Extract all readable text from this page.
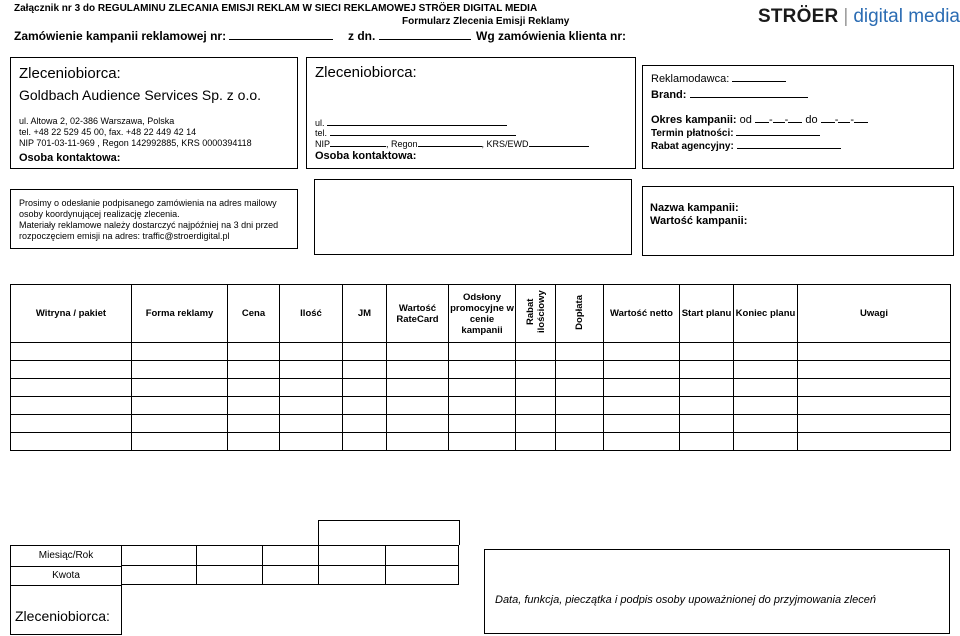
Załącznik nr 3 do REGULAMINU ZLECANIA EMISJI REKLAM W SIECI REKLAMOWEJ STRÖER DIGITAL MEDIA
Formularz Zlecenia Emisji Reklamy
Zamówienie kampanii reklamowej nr:	z dn.	Wg zamówienia klienta nr:
STRÖER | digital media
Zleceniobiorca:
Goldbach Audience Services Sp. z o.o.
ul. Altowa 2, 02-386 Warszawa, Polska
tel. +48 22 529 45 00, fax. +48 22 449 42 14
NIP 701-03-11-969 , Regon 142992885, KRS 0000394118
Osoba kontaktowa:
Zleceniobiorca:
ul.
tel.
NIP	, Regon	, KRS/EWD
Osoba kontaktowa:
Reklamodawca:
Brand:
Okres kampanii: od - - do - -
Termin płatności:
Rabat agencyjny:
Prosimy o odesłanie podpisanego zamówienia na adres mailowy osoby koordynującej realizację zlecenia.
Materiały reklamowe należy dostarczyć najpóźniej na 3 dni przed rozpoczęciem emisji na adres: traffic@stroerdigital.pl
Nazwa kampanii:
Wartość kampanii:
Witryna / pakiet	Forma reklamy	Cena	Ilość	JM	Wartość RateCard	Odsłony promocyjne w cenie kampanii	Rabat ilościowy	Dopłata	Wartość netto	Start planu	Koniec planu	Uwagi

Miesiąc/Rok
Kwota
Zleceniobiorca:
Data, funkcja, pieczątka i podpis osoby upoważnionej do przyjmowania zleceń
